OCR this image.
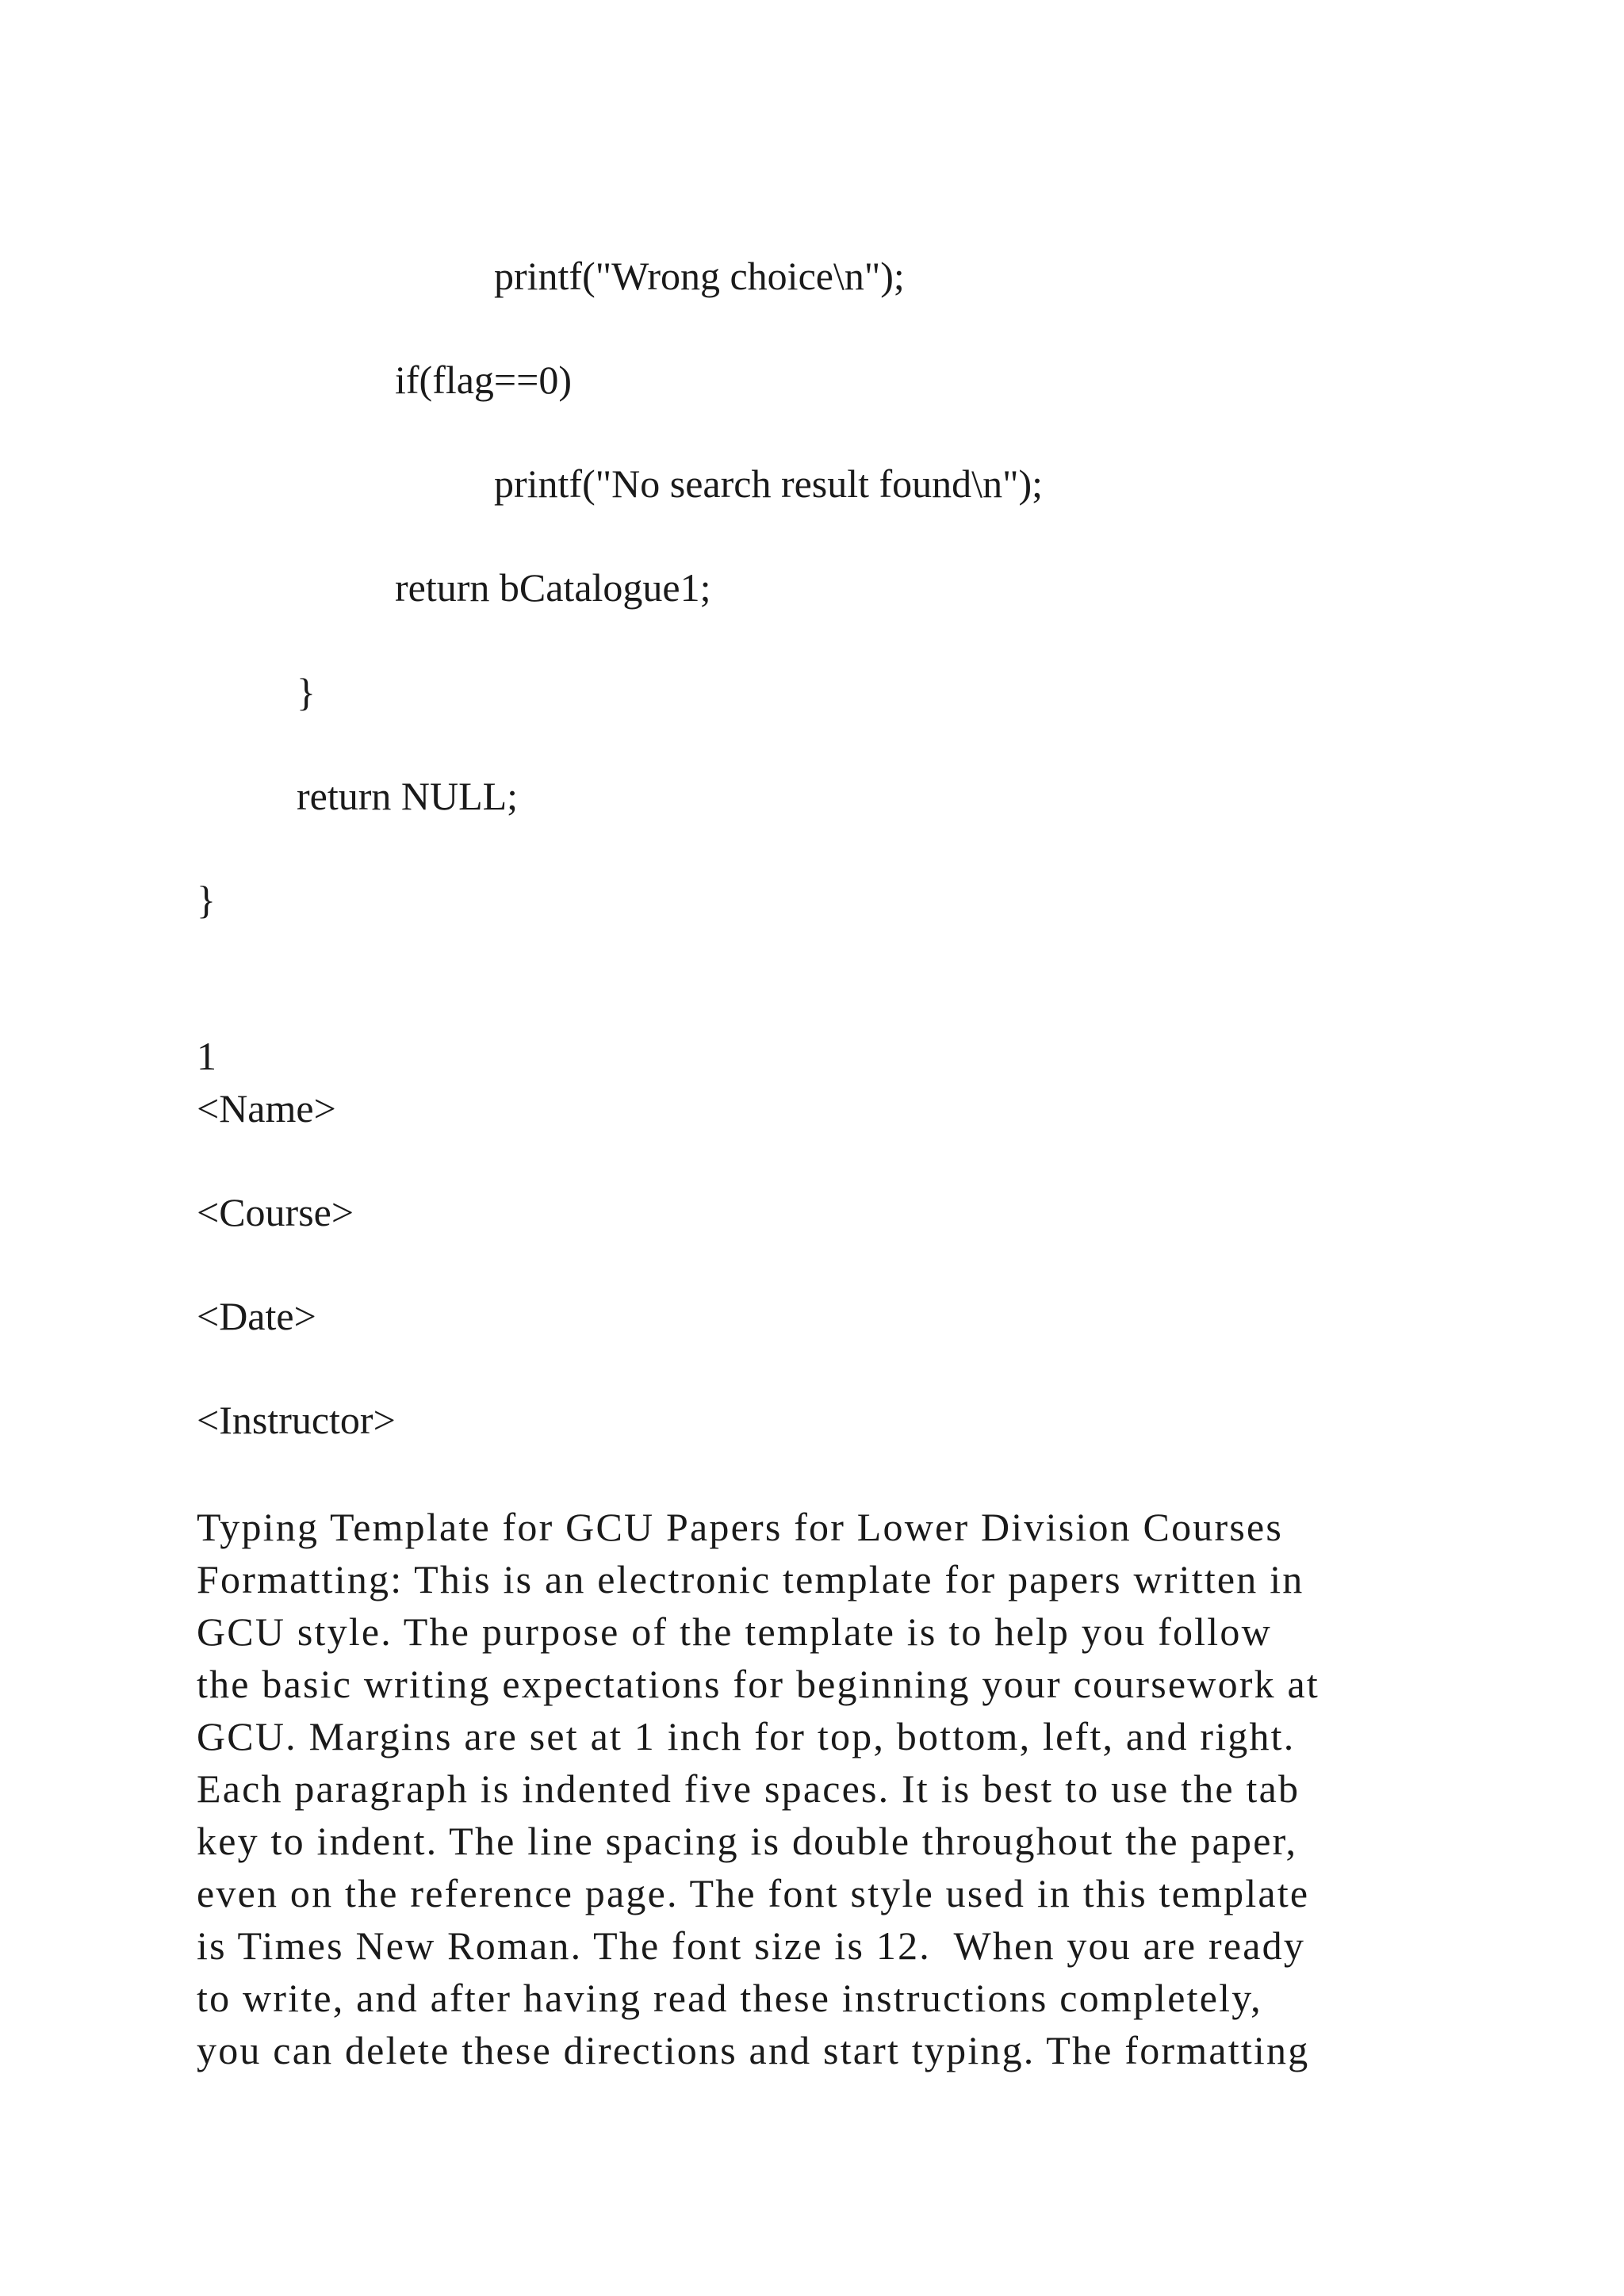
printf("Wrong choice\n");
if(flag==0)
printf("No search result found\n");
return bCatalogue1;
}
return NULL;
}
1
<Name>
<Course>
<Date>
<Instructor>
Typing Template for GCU Papers for Lower Division Courses
Formatting: This is an electronic template for papers written in
GCU style. The purpose of the template is to help you follow
the basic writing expectations for beginning your coursework at
GCU. Margins are set at 1 inch for top, bottom, left, and right.
Each paragraph is indented five spaces. It is best to use the tab
key to indent. The line spacing is double throughout the paper,
even on the reference page. The font style used in this template
is Times New Roman. The font size is 12.  When you are ready
to write, and after having read these instructions completely,
you can delete these directions and start typing. The formatting
